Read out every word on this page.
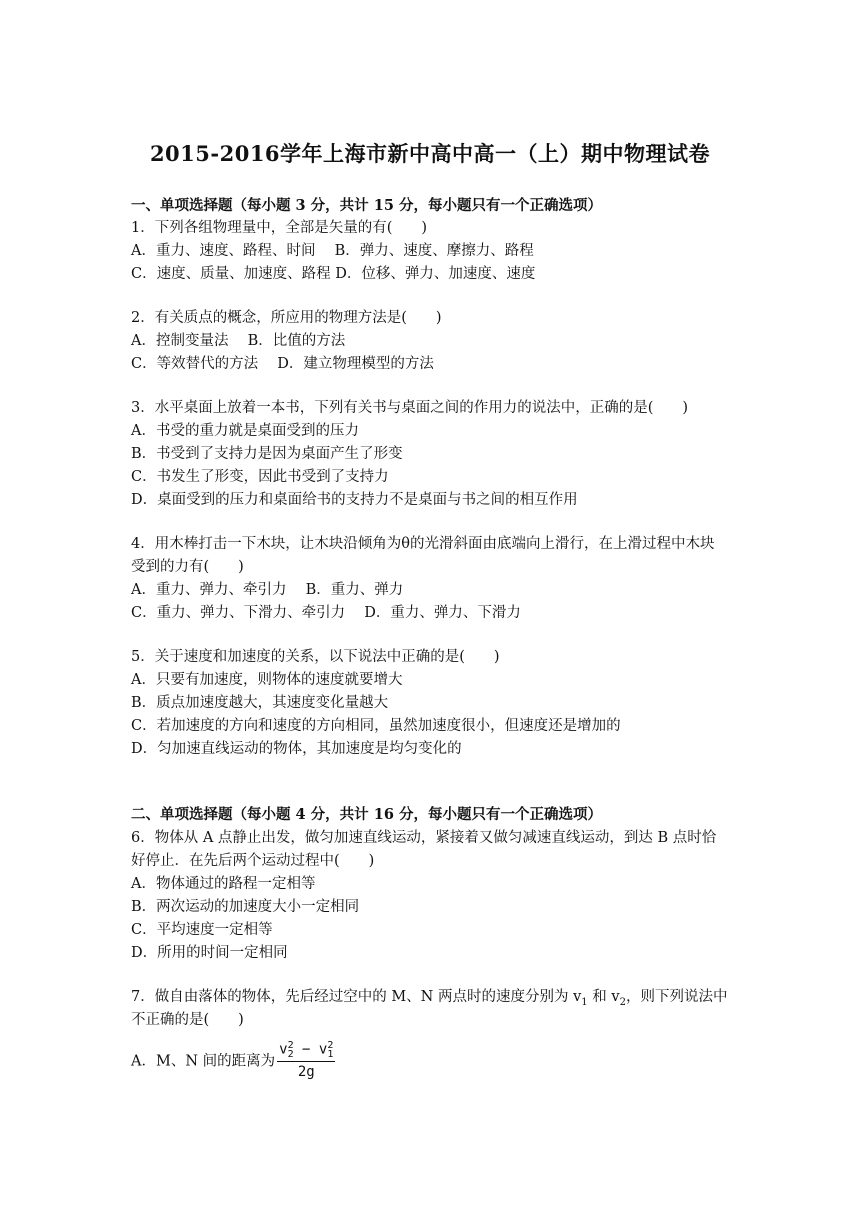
2015-2016学年上海市新中高中高一（上）期中物理试卷
一、单项选择题（每小题 3 分，共计 15 分，每小题只有一个正确选项）
1．下列各组物理量中，全部是矢量的有(　　)
A．重力、速度、路程、时间　 B．弹力、速度、摩擦力、路程
C．速度、质量、加速度、路程 D．位移、弹力、加速度、速度
2．有关质点的概念，所应用的物理方法是(　　)
A．控制变量法　 B．比值的方法
C．等效替代的方法　 D．建立物理模型的方法
3．水平桌面上放着一本书，下列有关书与桌面之间的作用力的说法中，正确的是(　　)
A．书受的重力就是桌面受到的压力
B．书受到了支持力是因为桌面产生了形变
C．书发生了形变，因此书受到了支持力
D．桌面受到的压力和桌面给书的支持力不是桌面与书之间的相互作用
4．用木棒打击一下木块，让木块沿倾角为θ的光滑斜面由底端向上滑行，在上滑过程中木块
受到的力有(　　)
A．重力、弹力、牵引力　 B．重力、弹力
C．重力、弹力、下滑力、牵引力　 D．重力、弹力、下滑力
5．关于速度和加速度的关系，以下说法中正确的是(　　)
A．只要有加速度，则物体的速度就要增大
B．质点加速度越大，其速度变化量越大
C．若加速度的方向和速度的方向相同，虽然加速度很小，但速度还是增加的
D．匀加速直线运动的物体，其加速度是均匀变化的
二、单项选择题（每小题 4 分，共计 16 分，每小题只有一个正确选项）
6．物体从 A 点静止出发，做匀加速直线运动，紧接着又做匀减速直线运动，到达 B 点时恰
好停止．在先后两个运动过程中(　　)
A．物体通过的路程一定相等
B．两次运动的加速度大小一定相同
C．平均速度一定相等
D．所用的时间一定相同
7．做自由落体的物体，先后经过空中的 M、N 两点时的速度分别为 $v_1$ 和 $v_2$，则下列说法中
不正确的是(　　)
A．M、N 间的距离为 $\frac{v^2_2 - v^2_1}{2g}$
